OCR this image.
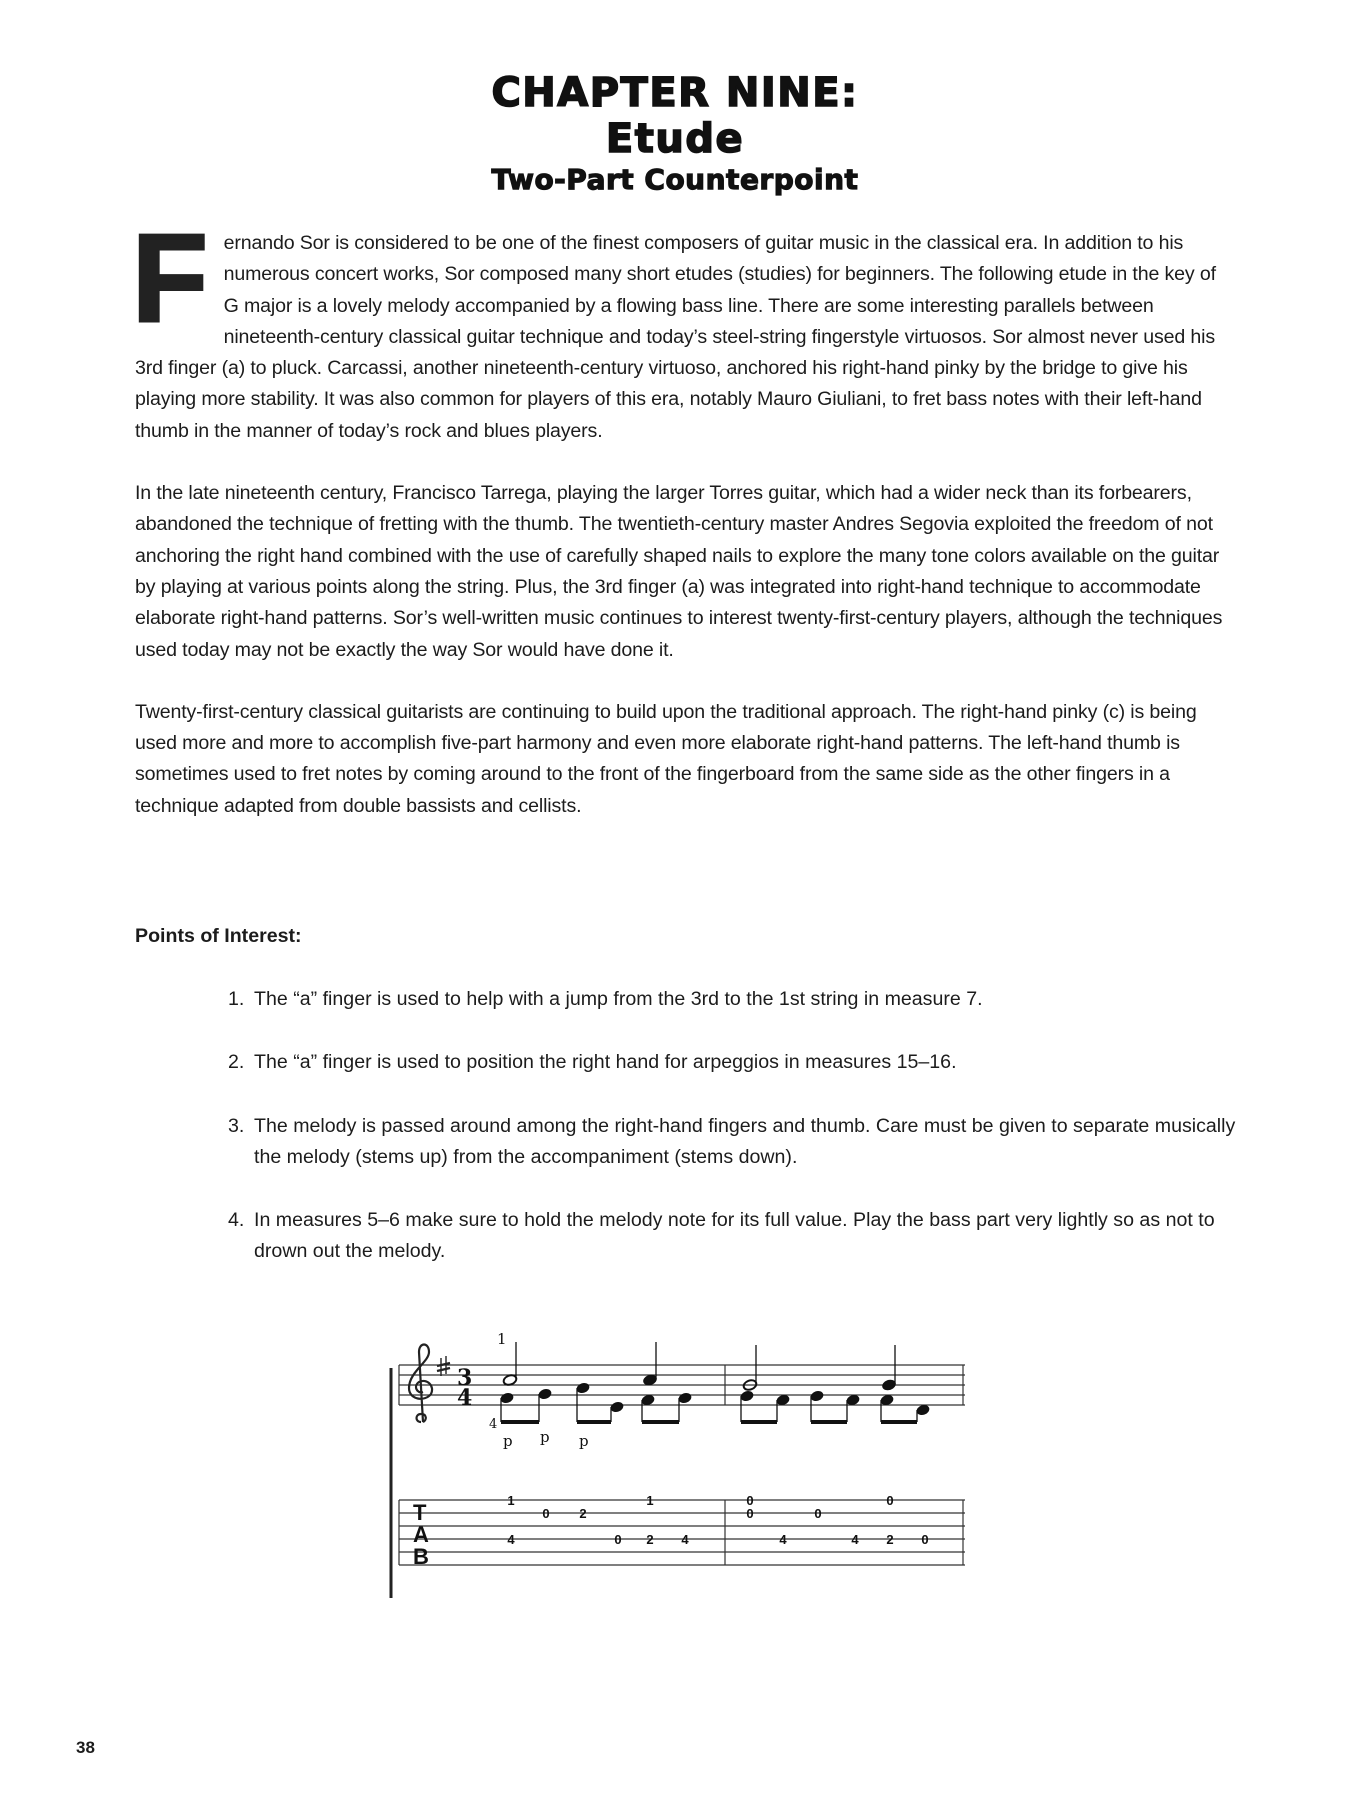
CHAPTER NINE:
Etude
Two-Part Counterpoint

Fernando Sor is considered to be one of the finest composers of guitar music in the classical era. In addition to his numerous concert works, Sor composed many short etudes (studies) for beginners. The following etude in the key of G major is a lovely melody accompanied by a flowing bass line. There are some interesting parallels between nineteenth-century classical guitar technique and today’s steel-string fingerstyle virtuosos. Sor almost never used his 3rd finger (a) to pluck. Carcassi, another nineteenth-century virtuoso, anchored his right-hand pinky by the bridge to give his playing more stability. It was also common for players of this era, notably Mauro Giuliani, to fret bass notes with their left-hand thumb in the manner of today’s rock and blues players.

In the late nineteenth century, Francisco Tarrega, playing the larger Torres guitar, which had a wider neck than its forbearers, abandoned the technique of fretting with the thumb. The twentieth-century master Andres Segovia exploited the freedom of not anchoring the right hand combined with the use of carefully shaped nails to explore the many tone colors available on the guitar by playing at various points along the string. Plus, the 3rd finger (a) was integrated into right-hand technique to accommodate elaborate right-hand patterns. Sor’s well-written music continues to interest twenty-first-century players, although the techniques used today may not be exactly the way Sor would have done it.

Twenty-first-century classical guitarists are continuing to build upon the traditional approach. The right-hand pinky (c) is being used more and more to accomplish five-part harmony and even more elaborate right-hand patterns. The left-hand thumb is sometimes used to fret notes by coming around to the front of the fingerboard from the same side as the other fingers in a technique adapted from double bassists and cellists.

Points of Interest:
1. The “a” finger is used to help with a jump from the 3rd to the 1st string in measure 7.
2. The “a” finger is used to position the right hand for arpeggios in measures 15–16.
3. The melody is passed around among the right-hand fingers and thumb. Care must be given to separate musically the melody (stems up) from the accompaniment (stems down).
4. In measures 5–6 make sure to hold the melody note for its full value. Play the bass part very lightly so as not to drown out the melody.
3
4
1
4
p p p
T
A
B
1
4
0 2
1
0 2 4
0
0
4
0
0
4 2 0
38
